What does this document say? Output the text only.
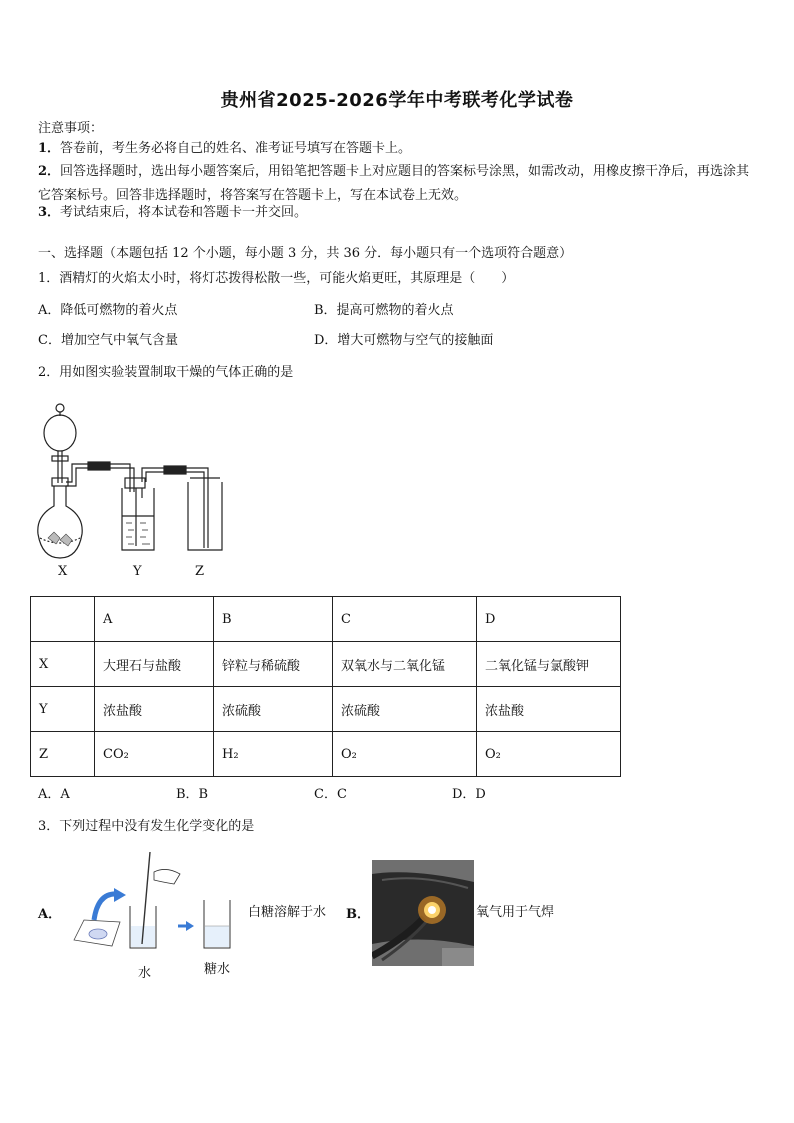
贵州省2025-2026学年中考联考化学试卷
注意事项：
1．答卷前，考生务必将自己的姓名、准考证号填写在答题卡上。
2．回答选择题时，选出每小题答案后，用铅笔把答题卡上对应题目的答案标号涂黑，如需改动，用橡皮擦干净后，再选涂其它答案标号。回答非选择题时，将答案写在答题卡上，写在本试卷上无效。
3．考试结束后，将本试卷和答题卡一并交回。
一、选择题（本题包括 12 个小题，每小题 3 分，共 36 分．每小题只有一个选项符合题意）
1．酒精灯的火焰太小时，将灯芯拨得松散一些，可能火焰更旺，其原理是（　　）
A．降低可燃物的着火点	B．提高可燃物的着火点
C．增加空气中氧气含量	D．增大可燃物与空气的接触面
2．用如图实验装置制取干燥的气体正确的是
X	Y	Z
	A	B	C	D
X	大理石与盐酸	锌粒与稀硫酸	双氧水与二氧化锰	二氧化锰与氯酸钾
Y	浓盐酸	浓硫酸	浓硫酸	浓盐酸
Z	CO₂	H₂	O₂	O₂
A．A	B．B	C．C	D．D
3．下列过程中没有发生化学变化的是
A．
水	糖水
白糖溶解于水 B．	氧气用于气焊
